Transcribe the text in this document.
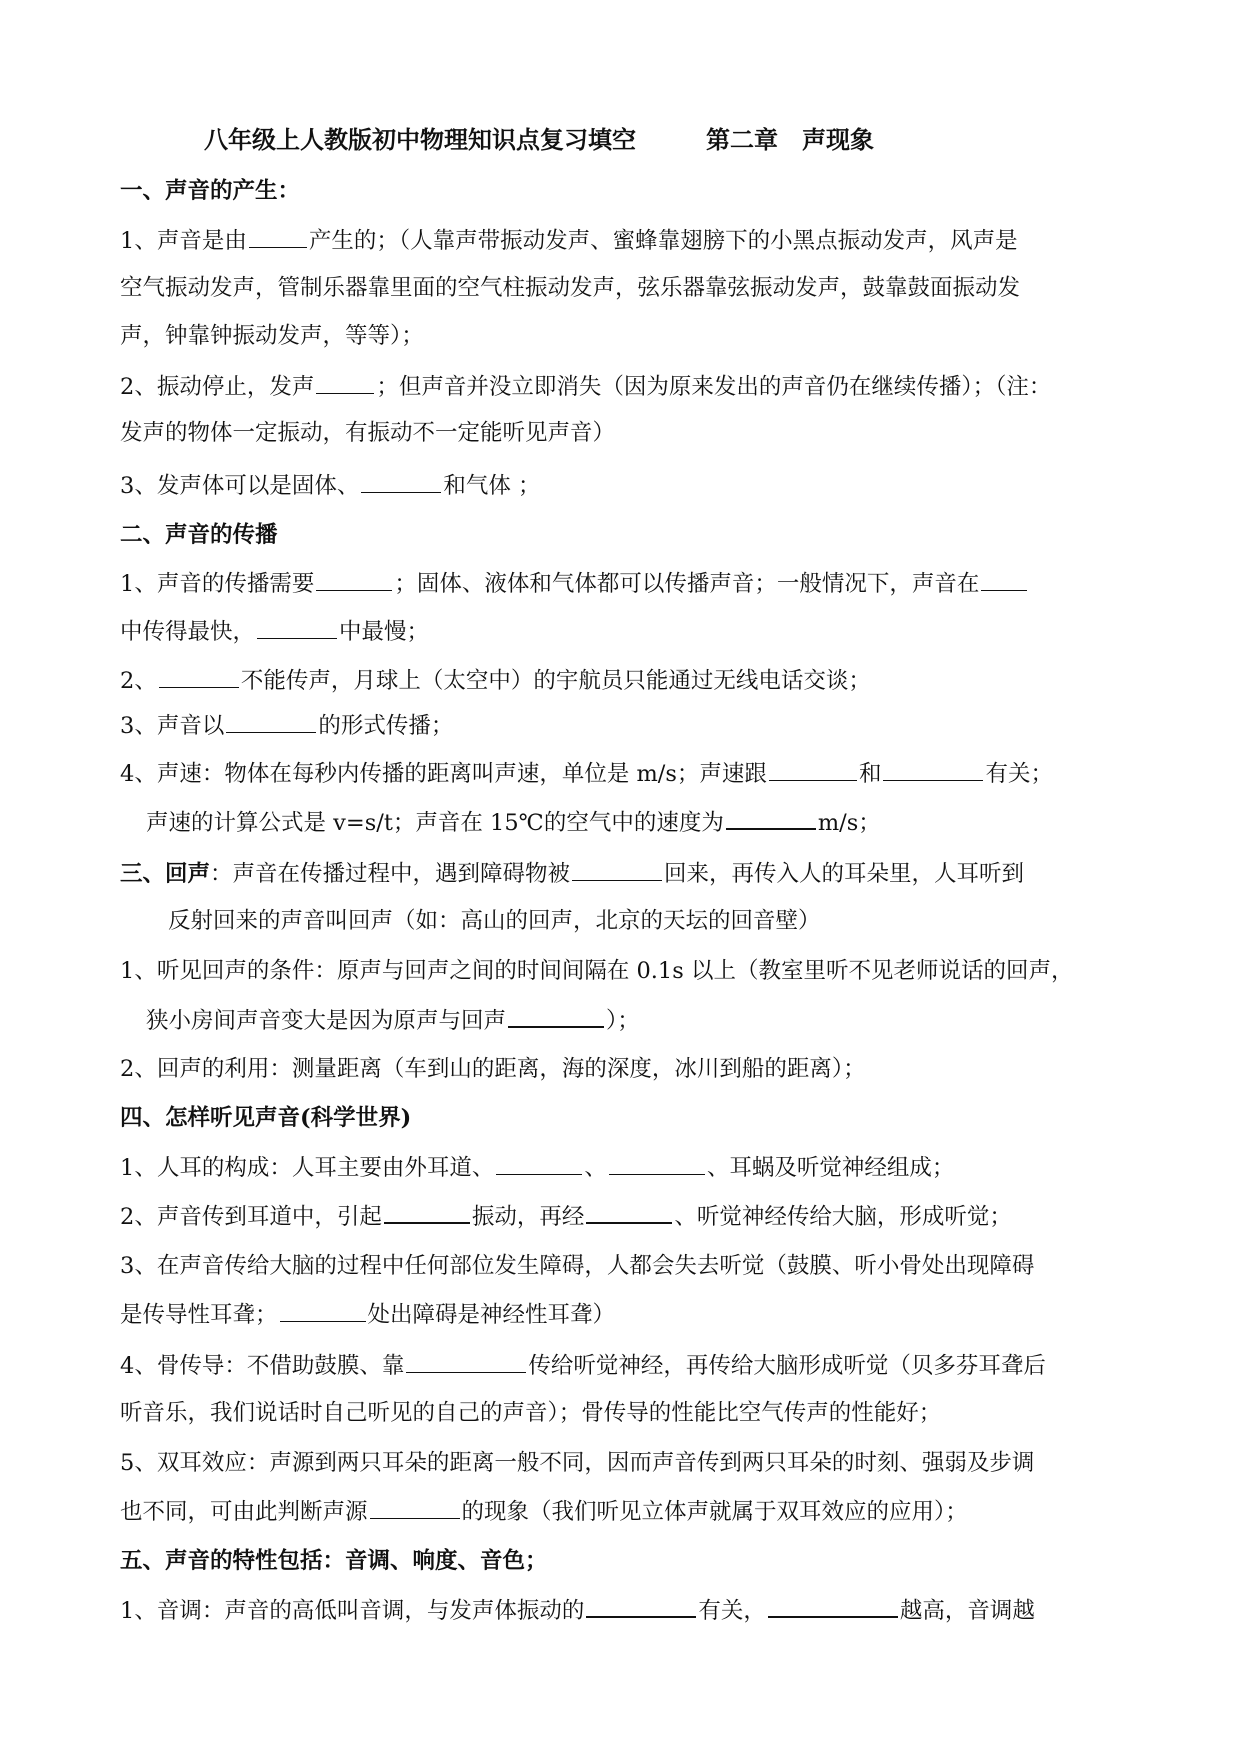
八年级上人教版初中物理知识点复习填空	第二章　声现象
一、声音的产生：
1、声音是由	产生的；（人靠声带振动发声、蜜蜂靠翅膀下的小黑点振动发声，风声是
空气振动发声，管制乐器靠里面的空气柱振动发声，弦乐器靠弦振动发声，鼓靠鼓面振动发
声，钟靠钟振动发声，等等）；
2、振动停止，发声	；但声音并没立即消失（因为原来发出的声音仍在继续传播）；（注：
发声的物体一定振动，有振动不一定能听见声音）
3、发声体可以是固体、	和气体 ；
二、声音的传播
1、声音的传播需要	；固体、液体和气体都可以传播声音；一般情况下，声音在
中传得最快，	中最慢；
2、	不能传声，月球上（太空中）的宇航员只能通过无线电话交谈；
3、声音以	的形式传播；
4、声速：物体在每秒内传播的距离叫声速，单位是 m/s；声速跟	和	有关；
声速的计算公式是 v=s/t；声音在 15℃的空气中的速度为	m/s；
三、回声：声音在传播过程中，遇到障碍物被	回来，再传入人的耳朵里，人耳听到
反射回来的声音叫回声（如：高山的回声，北京的天坛的回音壁）
1、听见回声的条件：原声与回声之间的时间间隔在 0.1s 以上（教室里听不见老师说话的回声，
狭小房间声音变大是因为原声与回声	）；
2、回声的利用：测量距离（车到山的距离，海的深度，冰川到船的距离）；
四、怎样听见声音(科学世界)
1、人耳的构成：人耳主要由外耳道、	、	、耳蜗及听觉神经组成；
2、声音传到耳道中，引起	振动，再经	、听觉神经传给大脑，形成听觉；
3、在声音传给大脑的过程中任何部位发生障碍，人都会失去听觉（鼓膜、听小骨处出现障碍
是传导性耳聋；	处出障碍是神经性耳聋）
4、骨传导：不借助鼓膜、靠	传给听觉神经，再传给大脑形成听觉（贝多芬耳聋后
听音乐，我们说话时自己听见的自己的声音）；骨传导的性能比空气传声的性能好；
5、双耳效应：声源到两只耳朵的距离一般不同，因而声音传到两只耳朵的时刻、强弱及步调
也不同，可由此判断声源	的现象（我们听见立体声就属于双耳效应的应用）；
五、声音的特性包括：音调、响度、音色；
1、音调：声音的高低叫音调，与发声体振动的	有关，	越高，音调越
